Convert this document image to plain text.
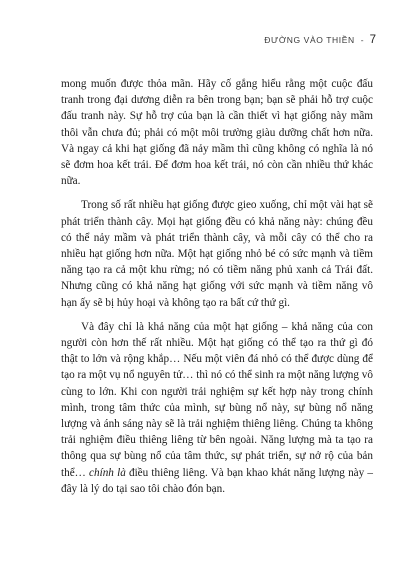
ĐƯỜNG VÀO THIỀN - 7

mong muốn được thỏa mãn. Hãy cố gắng hiểu rằng một cuộc đấu tranh trong đại dương diễn ra bên trong bạn; bạn sẽ phải hỗ trợ cuộc đấu tranh này. Sự hỗ trợ của bạn là cần thiết vì hạt giống này mầm thôi vẫn chưa đủ; phải có một môi trường giàu dưỡng chất hơn nữa. Và ngay cả khi hạt giống đã nảy mầm thì cũng không có nghĩa là nó sẽ đơm hoa kết trái. Để đơm hoa kết trái, nó còn cần nhiều thứ khác nữa.

Trong số rất nhiều hạt giống được gieo xuống, chỉ một vài hạt sẽ phát triển thành cây. Mọi hạt giống đều có khả năng này: chúng đều có thể nảy mầm và phát triển thành cây, và mỗi cây có thể cho ra nhiều hạt giống hơn nữa. Một hạt giống nhỏ bé có sức mạnh và tiềm năng tạo ra cả một khu rừng; nó có tiềm năng phủ xanh cả Trái đất. Nhưng cũng có khả năng hạt giống với sức mạnh và tiềm năng vô hạn ấy sẽ bị hủy hoại và không tạo ra bất cứ thứ gì.

Và đây chỉ là khả năng của một hạt giống – khả năng của con người còn hơn thế rất nhiều. Một hạt giống có thể tạo ra thứ gì đó thật to lớn và rộng khắp… Nếu một viên đá nhỏ có thể được dùng để tạo ra một vụ nổ nguyên tử… thì nó có thể sinh ra một năng lượng vô cùng to lớn. Khi con người trải nghiệm sự kết hợp này trong chính mình, trong tâm thức của mình, sự bùng nổ này, sự bùng nổ năng lượng và ánh sáng này sẽ là trải nghiệm thiêng liêng. Chúng ta không trải nghiệm điều thiêng liêng từ bên ngoài. Năng lượng mà ta tạo ra thông qua sự bùng nổ của tâm thức, sự phát triển, sự nở rộ của bản thể… chính là điều thiêng liêng. Và bạn khao khát năng lượng này – đây là lý do tại sao tôi chào đón bạn.
